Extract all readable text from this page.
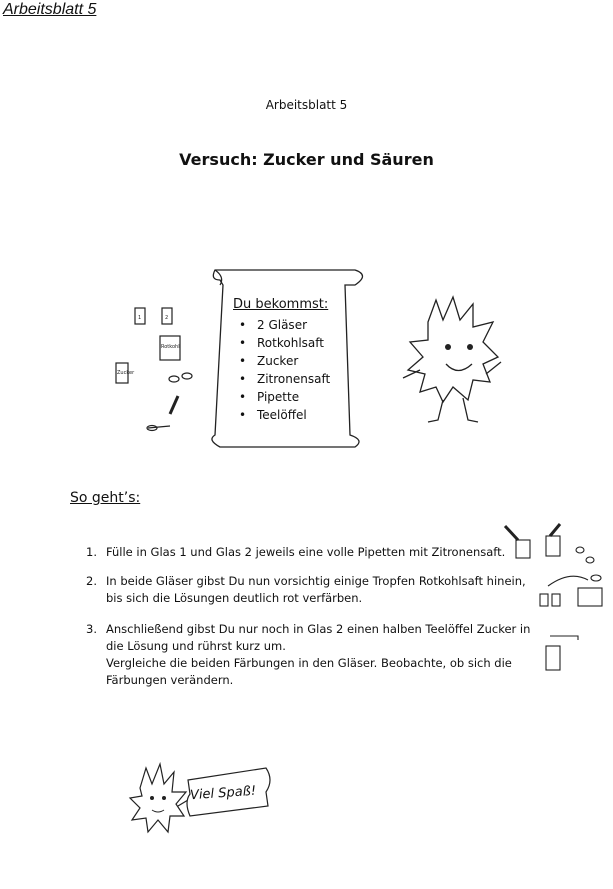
Arbeitsblatt 5
Arbeitsblatt 5
Versuch: Zucker und Säuren
1	2
Rotkohl
Zucker
Du bekommst:
• 2 Gläser
• Rotkohlsaft
• Zucker
• Zitronensaft
• Pipette
• Teelöffel
So geht’s:
1. Fülle in Glas 1 und Glas 2 jeweils eine volle Pipetten mit Zitronensaft.
2. In beide Gläser gibst Du nun vorsichtig einige Tropfen Rotkohlsaft hinein,
bis sich die Lösungen deutlich rot verfärben.
3. Anschließend gibst Du nur noch in Glas 2 einen halben Teelöffel Zucker in
die Lösung und rührst kurz um.
Vergleiche die beiden Färbungen in den Gläser. Beobachte, ob sich die
Färbungen verändern.
Viel Spaß!
